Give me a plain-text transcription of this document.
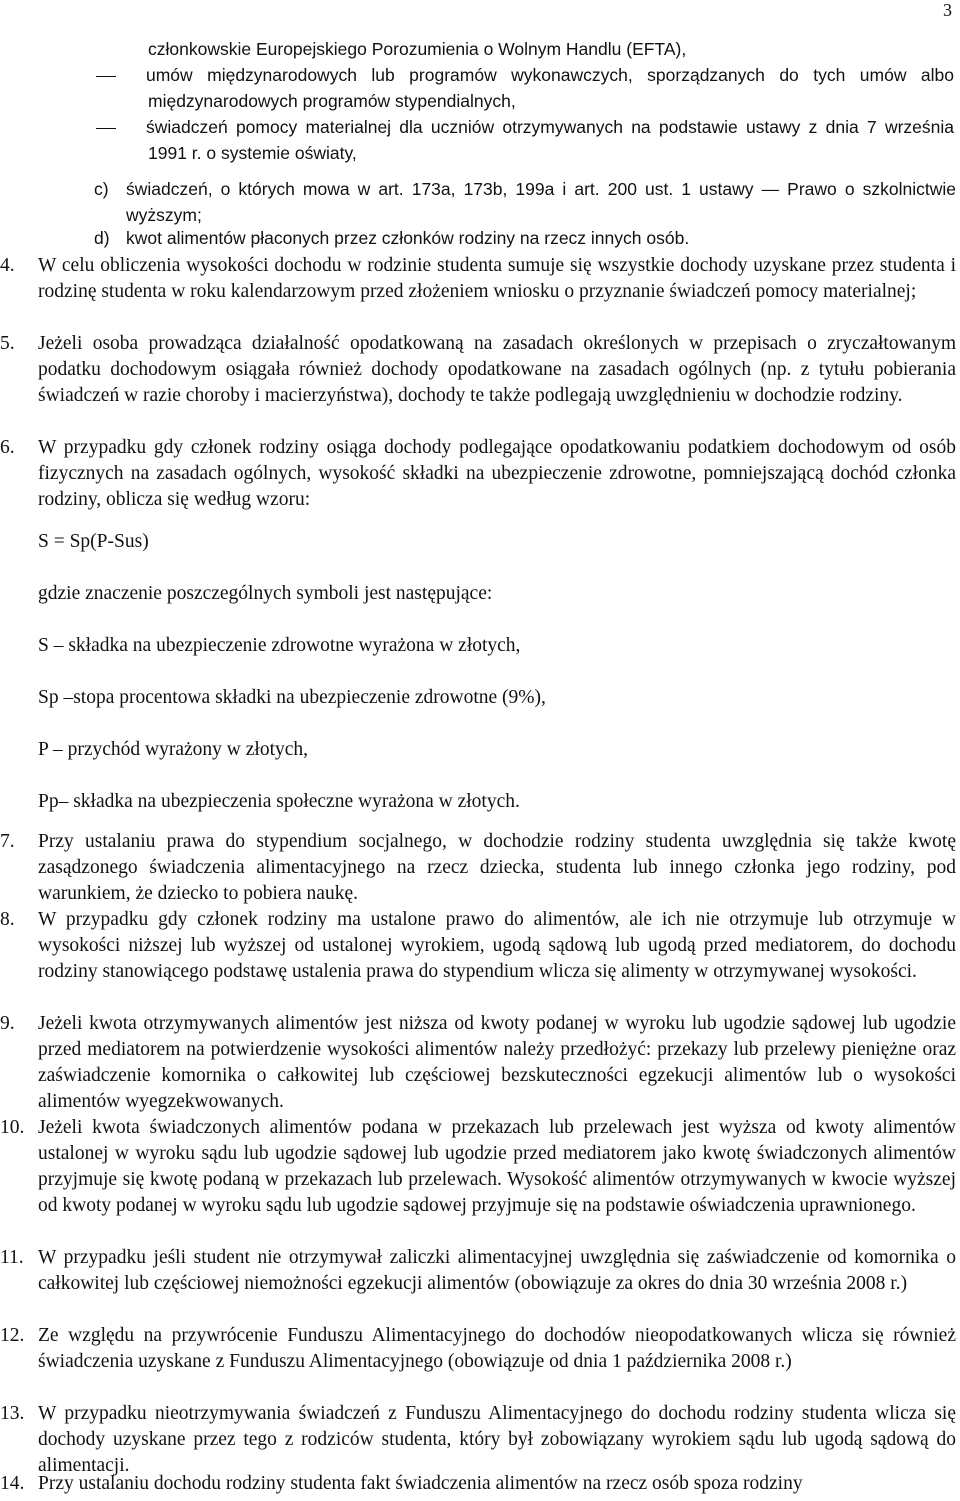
3
członkowskie Europejskiego Porozumienia o Wolnym Handlu (EFTA),
umów międzynarodowych lub programów wykonawczych, sporządzanych do tych umów albo międzynarodowych programów stypendialnych,
świadczeń pomocy materialnej dla uczniów otrzymywanych na podstawie ustawy z dnia 7 września 1991 r. o systemie oświaty,
c) świadczeń, o których mowa w art. 173a, 173b, 199a i art. 200 ust. 1 ustawy — Prawo o szkolnictwie wyższym;
d) kwot alimentów płaconych przez członków rodziny na rzecz innych osób.
4.	W celu obliczenia wysokości dochodu w rodzinie studenta sumuje się wszystkie dochody uzyskane przez studenta i rodzinę studenta w roku kalendarzowym przed złożeniem wniosku o przyznanie świadczeń pomocy materialnej;
5.	Jeżeli osoba prowadząca działalność opodatkowaną na zasadach określonych w przepisach o zryczałtowanym podatku dochodowym osiągała również dochody opodatkowane na zasadach ogólnych (np. z tytułu pobierania świadczeń w razie choroby i macierzyństwa), dochody te także podlegają uwzględnieniu w dochodzie rodziny.
6.	W przypadku gdy członek rodziny osiąga dochody podlegające opodatkowaniu podatkiem dochodowym od osób fizycznych na zasadach ogólnych, wysokość składki na ubezpieczenie zdrowotne, pomniejszającą dochód członka rodziny, oblicza się według wzoru:
S = Sp(P-Sus)
gdzie znaczenie poszczególnych symboli jest następujące:
S – składka na ubezpieczenie zdrowotne wyrażona w złotych,
Sp –stopa procentowa składki na ubezpieczenie zdrowotne (9%),
P – przychód wyrażony w złotych,
Pp– składka na ubezpieczenia społeczne wyrażona w złotych.
7.	Przy ustalaniu prawa do stypendium socjalnego, w dochodzie rodziny studenta uwzględnia się także kwotę zasądzonego świadczenia alimentacyjnego na rzecz dziecka, studenta lub innego członka jego rodziny, pod warunkiem, że dziecko to pobiera naukę.
8.	W przypadku gdy członek rodziny ma ustalone prawo do alimentów, ale ich nie otrzymuje lub otrzymuje w wysokości niższej lub wyższej od ustalonej wyrokiem, ugodą sądową lub ugodą przed mediatorem, do dochodu rodziny stanowiącego podstawę ustalenia prawa do stypendium wlicza się alimenty w otrzymywanej wysokości.
9.	Jeżeli kwota otrzymywanych alimentów jest niższa od kwoty podanej w wyroku lub ugodzie sądowej lub ugodzie przed mediatorem na potwierdzenie wysokości alimentów należy przedłożyć: przekazy lub przelewy pieniężne oraz zaświadczenie komornika o całkowitej lub częściowej bezskuteczności egzekucji alimentów lub o wysokości alimentów wyegzekwowanych.
10. Jeżeli kwota świadczonych alimentów podana w przekazach lub przelewach jest wyższa od kwoty alimentów ustalonej w wyroku sądu lub ugodzie sądowej lub ugodzie przed mediatorem jako kwotę świadczonych alimentów przyjmuje się kwotę podaną w przekazach lub przelewach. Wysokość alimentów otrzymywanych w kwocie wyższej od kwoty podanej w wyroku sądu lub ugodzie sądowej przyjmuje się na podstawie oświadczenia uprawnionego.
11. W przypadku jeśli student nie otrzymywał zaliczki alimentacyjnej uwzględnia się zaświadczenie od komornika o całkowitej lub częściowej niemożności egzekucji alimentów (obowiązuje za okres do dnia 30 września 2008 r.)
12. Ze względu na przywrócenie Funduszu Alimentacyjnego do dochodów nieopodatkowanych wlicza się również świadczenia uzyskane z Funduszu Alimentacyjnego (obowiązuje od dnia 1 października 2008 r.)
13. W przypadku nieotrzymywania świadczeń z Funduszu Alimentacyjnego do dochodu rodziny studenta wlicza się dochody uzyskane przez tego z rodziców studenta, który był zobowiązany wyrokiem sądu lub ugodą sądową do alimentacji.
14. Przy ustalaniu dochodu rodziny studenta fakt świadczenia alimentów na rzecz osób spoza rodziny
